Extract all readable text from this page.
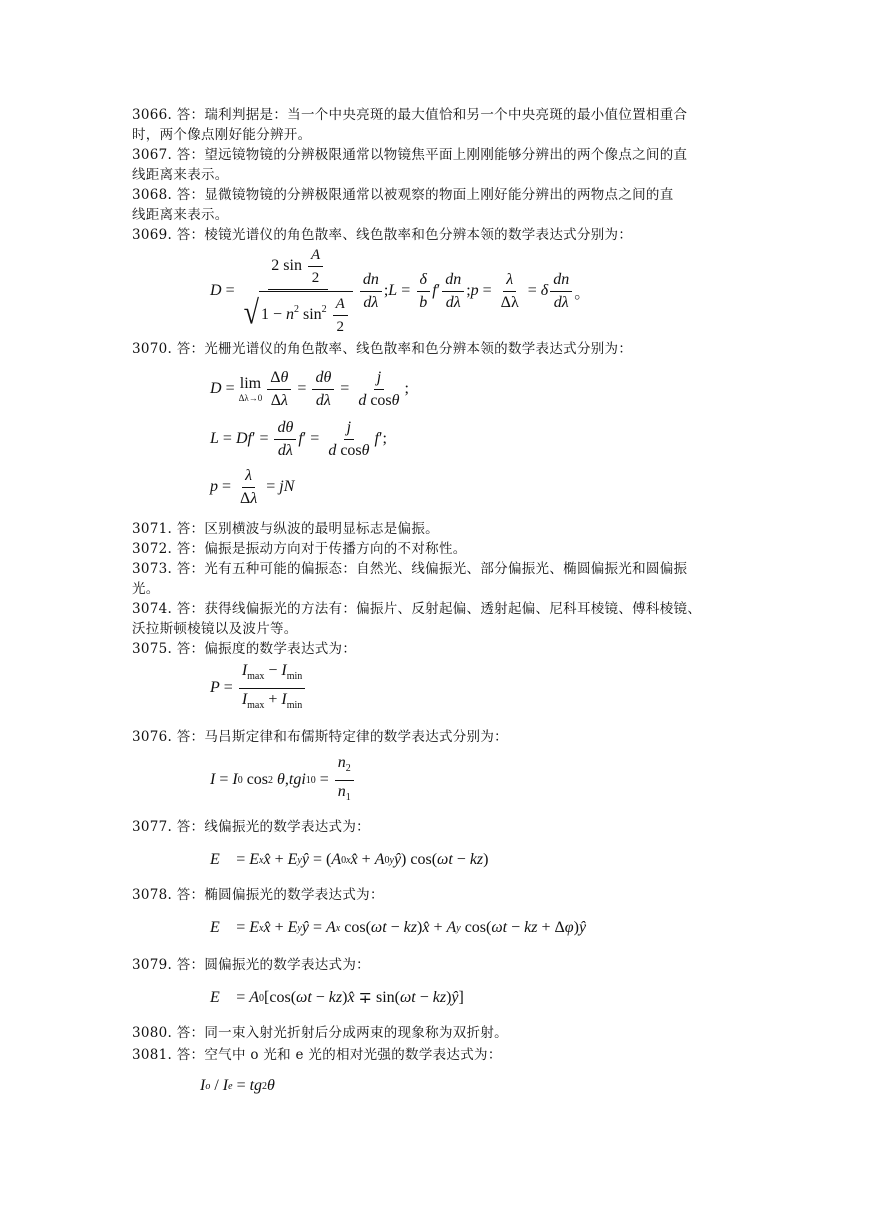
3066. 答：瑞利判据是：当一个中央亮斑的最大值恰和另一个中央亮斑的最小值位置相重合
时，两个像点刚好能分辨开。
3067. 答：望远镜物镜的分辨极限通常以物镜焦平面上刚刚能够分辨出的两个像点之间的直
线距离来表示。
3068. 答：显微镜物镜的分辨极限通常以被观察的物面上刚好能分辨出的两物点之间的直
线距离来表示。
3069. 答：棱镜光谱仪的角色散率、线色散率和色分辨本领的数学表达式分别为：
$D = \frac{2 \sin \frac{A}{2}}{√ 1 - n^2 \sin^2 \frac{A}{2}} \frac{dn}{d\lambda}$ ; $L = \frac{\delta}{b}$ f ′ $\frac{dn}{d\lambda}$ ; $p = \frac{\lambda}{\Delta\lambda} = \delta \frac{dn}{d\lambda}$ 。
3070. 答：光栅光谱仪的角色散率、线色散率和色分辨本领的数学表达式分别为：
D = lim
$\Delta\lambda\to 0 \frac{\Delta\theta}{\Delta\lambda} = \frac{d\theta}{d\lambda} = \frac{j}{\text{d cosθ}}$ ;
L = Df ′ = $\frac{d\theta}{d\lambda}$ f ′ = $\frac{j}{\text{d cosθ}}$ f ′;
$p = \frac{\lambda}{\Delta\lambda}$ = jN
3071. 答：区别横波与纵波的最明显标志是偏振。
3072. 答：偏振是振动方向对于传播方向的不对称性。
3073. 答：光有五种可能的偏振态：自然光、线偏振光、部分偏振光、椭圆偏振光和圆偏振
光。
3074. 答：获得线偏振光的方法有：偏振片、反射起偏、透射起偏、尼科耳棱镜、傅科棱镜、
沃拉斯顿棱镜以及波片等。
3075. 答：偏振度的数学表达式为：
$P = \frac{I_{max} - I_{min}}{I_{max} + I_{min}}$
3076. 答：马吕斯定律和布儒斯特定律的数学表达式分别为：
I = I 0 cos 2
θ , tgi $10 = \frac{n_2}{n_1}$
3077. 答：线偏振光的数学表达式为：
E⃗ = E x x̂ + E y ŷ = ( A 0x x̂ + A 0y ŷ ) cos( ωt − kz )
3078. 答：椭圆偏振光的数学表达式为：
E⃗ = E x x̂ + E y ŷ = A x cos( ωt − kz ) x̂ + A y cos( ωt − kz + Δ φ ) ŷ
3079. 答：圆偏振光的数学表达式为：
E⃗ = A 0 [cos( ωt − kz ) x̂ ∓ sin( ωt − kz ) ŷ ]
3080. 答：同一束入射光折射后分成两束的现象称为双折射。
3081. 答：空气中 o 光和 e 光的相对光强的数学表达式为：
I o / I e = tg 2 θ
